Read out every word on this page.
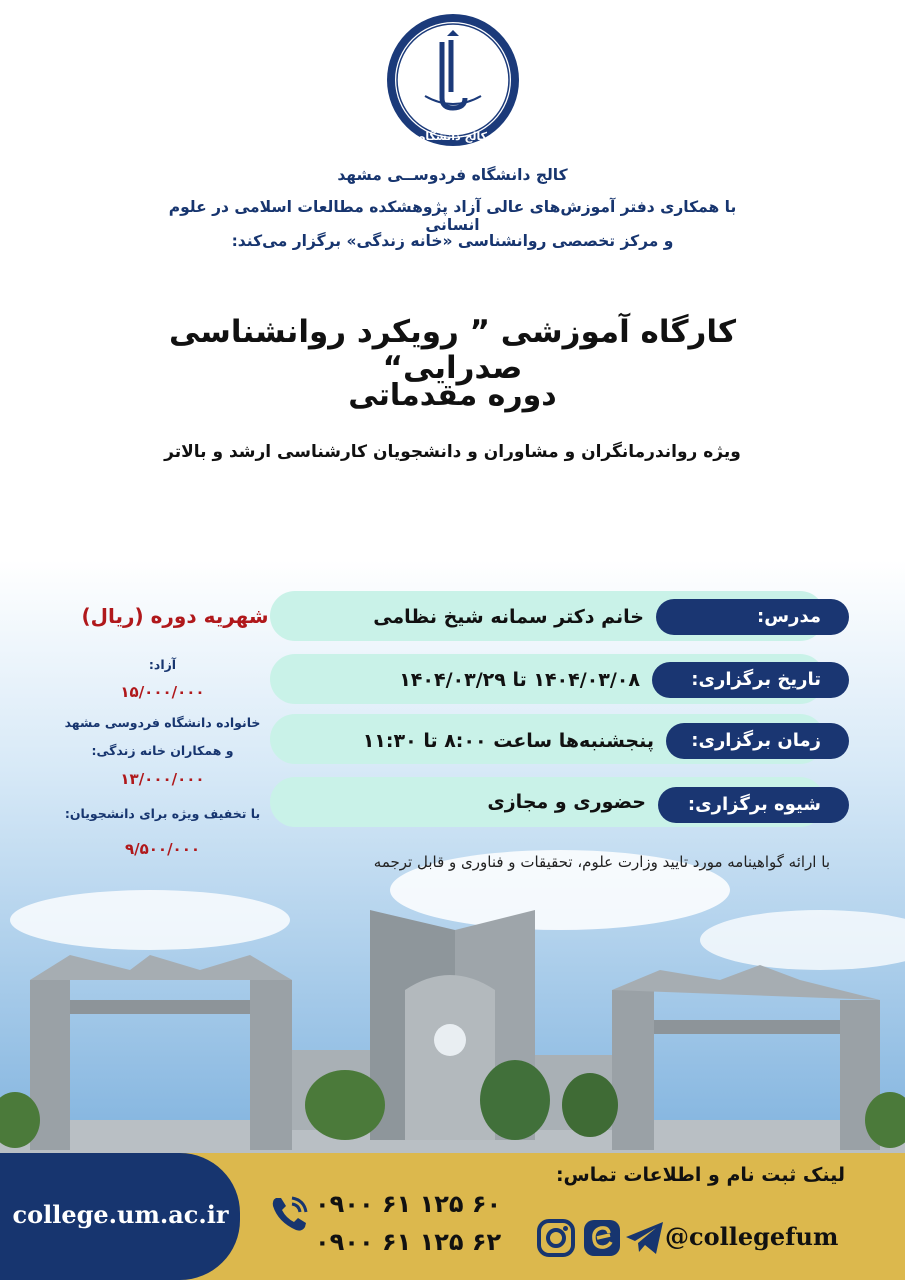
کالج دانشگاه
کالج دانشگاه فردوســی مشهد
با همکاری دفتر آموزش‌های عالی آزاد پژوهشکده مطالعات اسلامی در علوم انسانی
و مرکز تخصصی روانشناسی «خانه زندگی» برگزار می‌کند:
کارگاه آموزشی ” رویکرد روانشناسی صدرایی“
دوره مقدماتی
ویژه رواندرمانگران و مشاوران و دانشجویان کارشناسی ارشد و بالاتر
مدرس:
خانم دکتر سمانه شیخ نظامی
تاریخ برگزاری:
۱۴۰۴/۰۳/۰۸ تا ۱۴۰۴/۰۳/۲۹
زمان برگزاری:
پنجشنبه‌ها ساعت ۸:۰۰ تا ۱۱:۳۰
شیوه برگزاری:
حضوری و مجازی
شهریه دوره (ریال)
آزاد:
۱۵/۰۰۰/۰۰۰
خانواده دانشگاه فردوسی مشهد
و همکاران خانه زندگی:
۱۳/۰۰۰/۰۰۰
با تخفیف ویژه برای دانشجویان:
۹/۵۰۰/۰۰۰
با ارائه گواهینامه مورد تایید وزارت علوم، تحقیقات و فناوری و قابل ترجمه
college.um.ac.ir
لینک ثبت نام و اطلاعات تماس:
۰۹۰۰ ۶۱ ۱۲۵ ۶۰
۰۹۰۰ ۶۱ ۱۲۵ ۶۲	@collegefum
